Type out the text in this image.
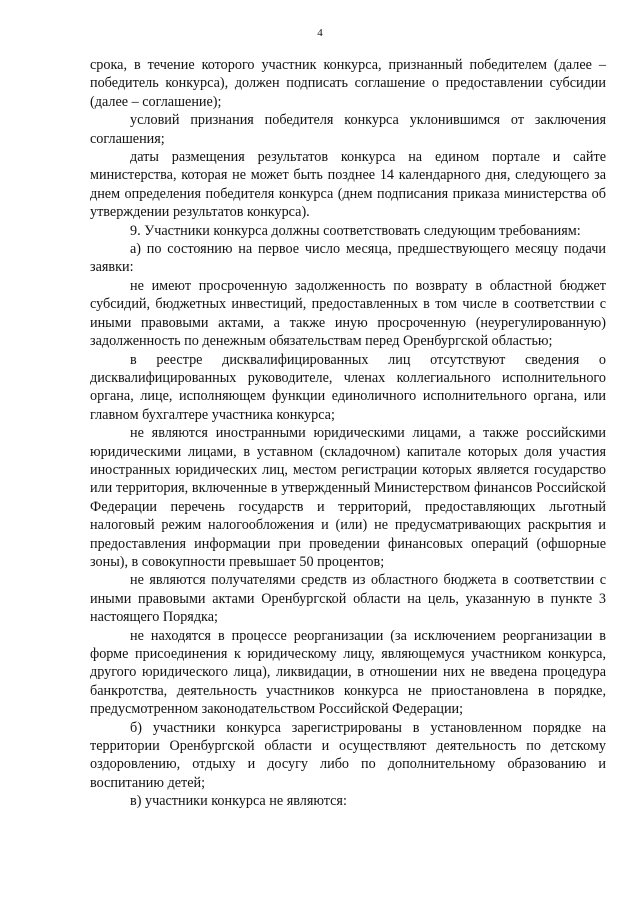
4

срока, в течение которого участник конкурса, признанный победителем (далее – победитель конкурса), должен подписать соглашение о предоставлении субсидии (далее – соглашение);

условий признания победителя конкурса уклонившимся от заключения соглашения;

даты размещения результатов конкурса на едином портале и сайте министерства, которая не может быть позднее 14 календарного дня, следующего за днем определения победителя конкурса (днем подписания приказа министерства об утверждении результатов конкурса).

9. Участники конкурса должны соответствовать следующим требованиям:

а) по состоянию на первое число месяца, предшествующего месяцу подачи заявки:

не имеют просроченную задолженность по возврату в областной бюджет субсидий, бюджетных инвестиций, предоставленных в том числе в соответствии с иными правовыми актами, а также иную просроченную (неурегулированную) задолженность по денежным обязательствам перед Оренбургской областью;

в реестре дисквалифицированных лиц отсутствуют сведения о дисквалифицированных руководителе, членах коллегиального исполнительного органа, лице, исполняющем функции единоличного исполнительного органа, или главном бухгалтере участника конкурса;

не являются иностранными юридическими лицами, а также российскими юридическими лицами, в уставном (складочном) капитале которых доля участия иностранных юридических лиц, местом регистрации которых является государство или территория, включенные в утвержденный Министерством финансов Российской Федерации перечень государств и территорий, предоставляющих льготный налоговый режим налогообложения и (или) не предусматривающих раскрытия и предоставления информации при проведении финансовых операций (офшорные зоны), в совокупности превышает 50 процентов;

не являются получателями средств из областного бюджета в соответствии с иными правовыми актами Оренбургской области на цель, указанную в пункте 3 настоящего Порядка;

не находятся в процессе реорганизации (за исключением реорганизации в форме присоединения к юридическому лицу, являющемуся участником конкурса, другого юридического лица), ликвидации, в отношении них не введена процедура банкротства, деятельность участников конкурса не приостановлена в порядке, предусмотренном законодательством Российской Федерации;

б) участники конкурса зарегистрированы в установленном порядке на территории Оренбургской области и осуществляют деятельность по детскому оздоровлению, отдыху и досугу либо по дополнительному образованию и воспитанию детей;

в) участники конкурса не являются:
